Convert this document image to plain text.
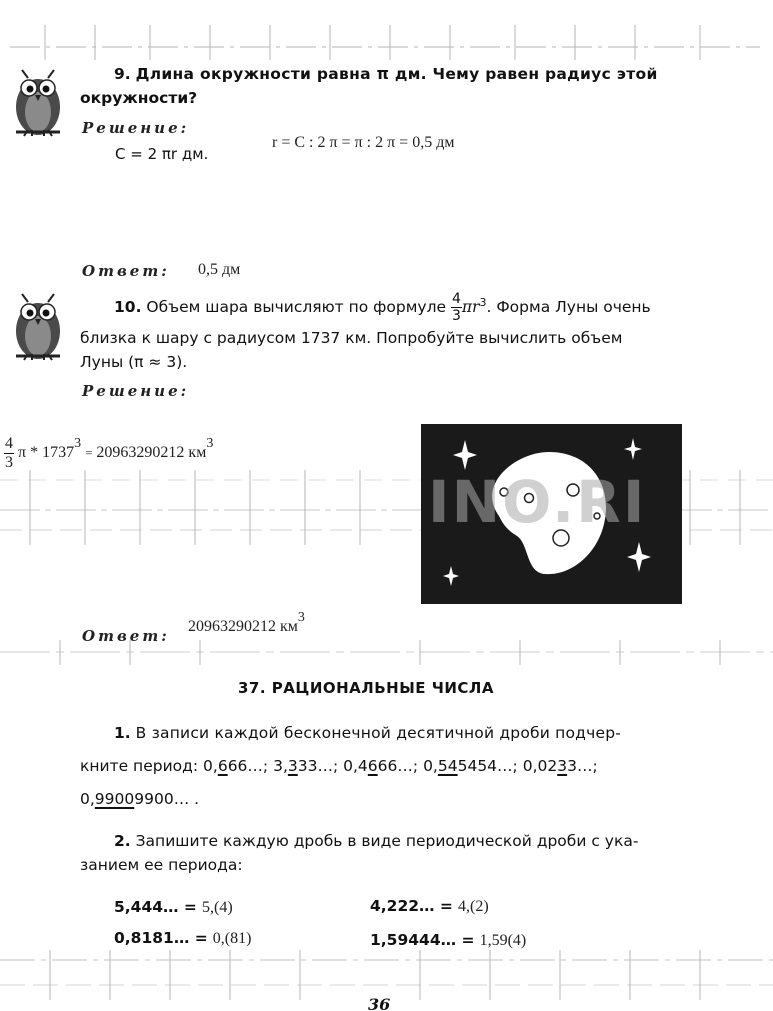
9. Длина окружности равна π дм. Чему равен радиус этой
окружности?
Решение:
C = 2 πr дм.
r = C : 2 π = π : 2 π = 0,5 дм
Ответ: 0,5 дм
10. Объем шара вычисляют по формуле $\frac{4}{3} \pi r^3$. Форма Луны очень
близка к шару с радиусом 1737 км. Попробуйте вычислить объем
Луны (π ≈ 3).
Решение:
$\frac{4}{3}$ π * 17373 = 20963290212 км3
INO.RI
Ответ:
20963290212 км3
37. РАЦИОНАЛЬНЫЕ ЧИСЛА
1. В записи каждой бесконечной десятичной дроби подчер-
кните период: 0,666…; 3,333…; 0,4666…; 0,545454…; 0,0233…;
0,99009900… .
2. Запишите каждую дробь в виде периодической дроби с ука-
занием ее периода:
5,444… = 5,(4)	4,222… = 4,(2)
0,8181… = 0,(81)	1,59444… = 1,59(4)
36
